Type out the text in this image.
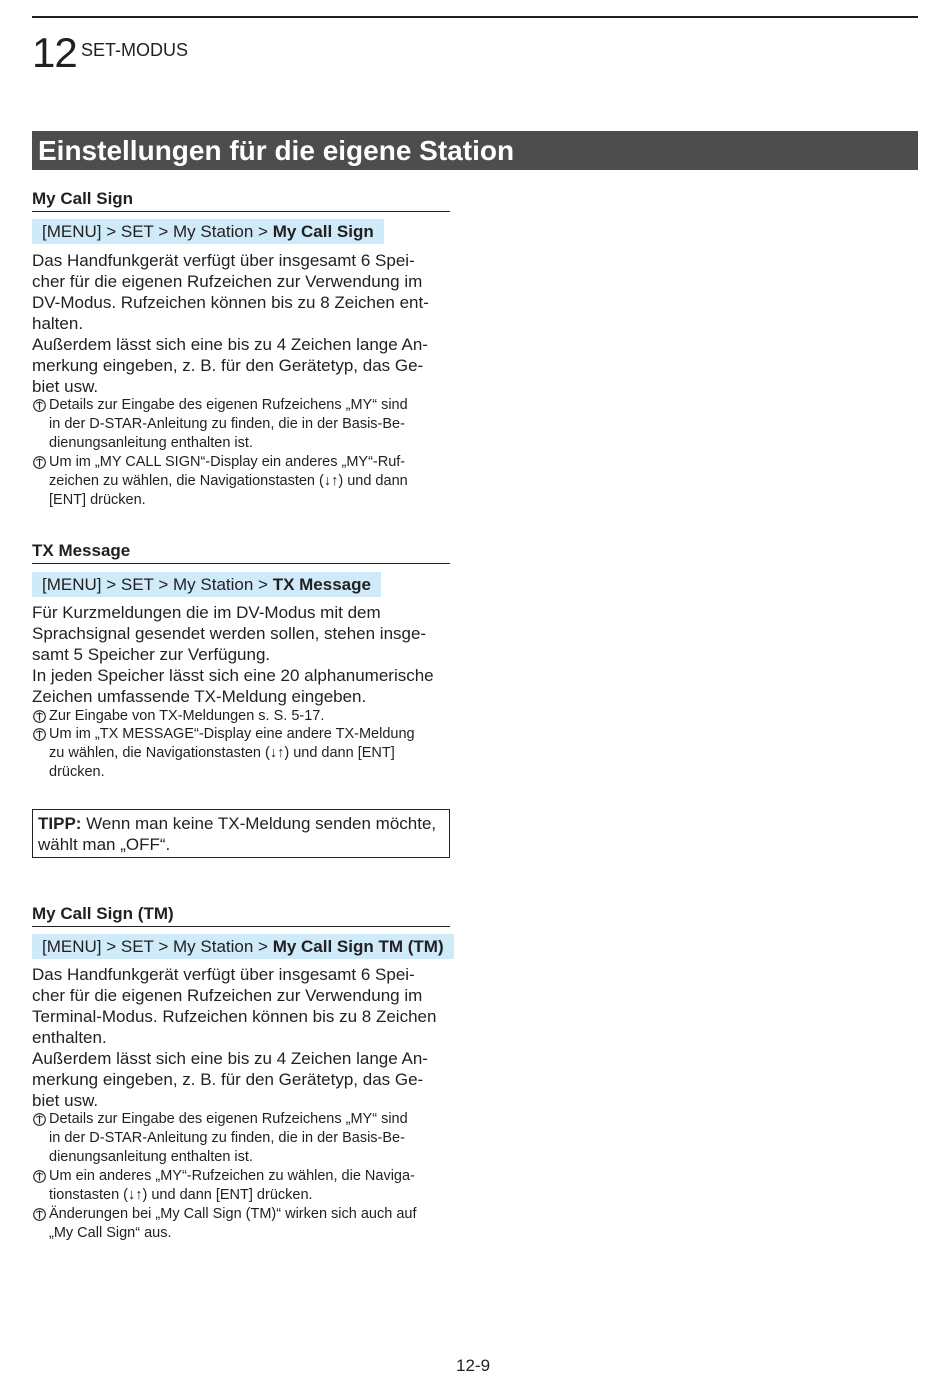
12 SET-MODUS
Einstellungen für die eigene Station
My Call Sign
[MENU] > SET > My Station > My Call Sign
Das Handfunkgerät verfügt über insgesamt 6 Spei-
cher für die eigenen Rufzeichen zur Verwendung im
DV-Modus. Rufzeichen können bis zu 8 Zeichen ent-
halten.
Außerdem lässt sich eine bis zu 4 Zeichen lange An-
merkung eingeben, z. B. für den Gerätetyp, das Ge-
biet usw.
Details zur Eingabe des eigenen Rufzeichens „MY“ sind
in der D-STAR-Anleitung zu finden, die in der Basis-Be-
dienungsanleitung enthalten ist.
Um im „MY CALL SIGN“-Display ein anderes „MY“-Ruf-
zeichen zu wählen, die Navigationstasten (↓↑) und dann
[ENT] drücken.
TX Message
[MENU] > SET > My Station > TX Message
Für Kurzmeldungen die im DV-Modus mit dem
Sprachsignal gesendet werden sollen, stehen insge-
samt 5 Speicher zur Verfügung.
In jeden Speicher lässt sich eine 20 alphanumerische
Zeichen umfassende TX-Meldung eingeben.
Zur Eingabe von TX-Meldungen s. S. 5-17.
Um im „TX MESSAGE“-Display eine andere TX-Meldung
zu wählen, die Navigationstasten (↓↑) und dann [ENT]
drücken.
TIPP: Wenn man keine TX-Meldung senden möchte,
wählt man „OFF“.
My Call Sign (TM)
[MENU] > SET > My Station > My Call Sign TM (TM)
Das Handfunkgerät verfügt über insgesamt 6 Spei-
cher für die eigenen Rufzeichen zur Verwendung im
Terminal-Modus. Rufzeichen können bis zu 8 Zeichen
enthalten.
Außerdem lässt sich eine bis zu 4 Zeichen lange An-
merkung eingeben, z. B. für den Gerätetyp, das Ge-
biet usw.
Details zur Eingabe des eigenen Rufzeichens „MY“ sind
in der D-STAR-Anleitung zu finden, die in der Basis-Be-
dienungsanleitung enthalten ist.
Um ein anderes „MY“-Rufzeichen zu wählen, die Naviga-
tionstasten (↓↑) und dann [ENT] drücken.
Änderungen bei „My Call Sign (TM)“ wirken sich auch auf
„My Call Sign“ aus.
12-9
